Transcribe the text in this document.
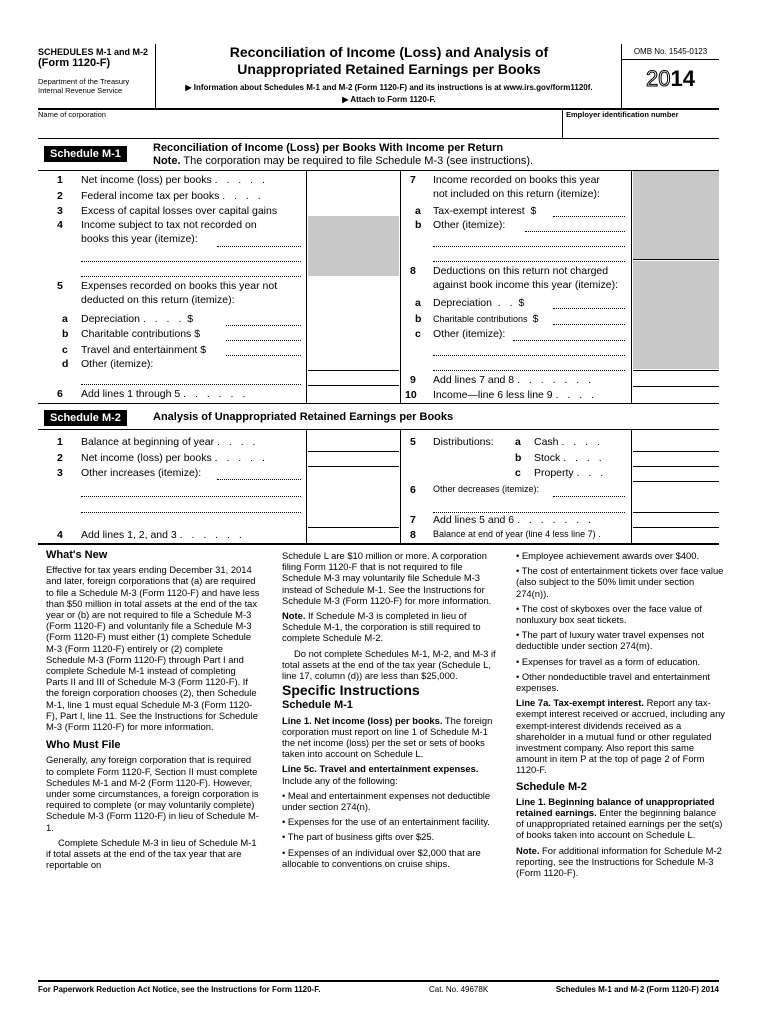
SCHEDULES M-1 and M-2
(Form 1120-F)
Department of the Treasury
Internal Revenue Service
Reconciliation of Income (Loss) and Analysis of
Unappropriated Retained Earnings per Books
▶ Information about Schedules M-1 and M-2 (Form 1120-F) and its instructions is at www.irs.gov/form1120f.
▶ Attach to Form 1120-F.
OMB No. 1545-0123
2014
Name of corporation	Employer identification number
Schedule M-1	Reconciliation of Income (Loss) per Books With Income per Return
Note. The corporation may be required to file Schedule M-3 (see instructions).
1 Net income (loss) per books . . . . .
2 Federal income tax per books . . . .
3 Excess of capital losses over capital gains
4 Income subject to tax not recorded on
books this year (itemize):
5 Expenses recorded on books this year not
deducted on this return (itemize):
a Depreciation . . . . $
b Charitable contributions $
c Travel and entertainment $
d Other (itemize):
6 Add lines 1 through 5 . . . . . .
7 Income recorded on books this year
not included on this return (itemize):
a Tax-exempt interest $
b Other (itemize):
8 Deductions on this return not charged
against book income this year (itemize):
a Depreciation . . $
b Charitable contributions $
c Other (itemize):
9 Add lines 7 and 8 . . . . . . .
10 Income—line 6 less line 9 . . . .
Schedule M-2	Analysis of Unappropriated Retained Earnings per Books
1 Balance at beginning of year . . . .
2 Net income (loss) per books . . . . .
3 Other increases (itemize):
4 Add lines 1, 2, and 3 . . . . . .
5 Distributions: a Cash . . . .
b Stock . . . .
c Property . . .
6 Other decreases (itemize):
7 Add lines 5 and 6 . . . . . . .
8 Balance at end of year (line 4 less line 7) .
What's New

Effective for tax years ending December 31, 2014 and later, foreign corporations that (a) are required to file a Schedule M-3 (Form 1120-F) and have less than $50 million in total assets at the end of the tax year or (b) are not required to file a Schedule M-3 (Form 1120-F) and voluntarily file a Schedule M-3 (Form 1120-F) must either (1) complete Schedule M-3 (Form 1120-F) entirely or (2) complete Schedule M-3 (Form 1120-F) through Part I and complete Schedule M-1 instead of completing Parts II and III of Schedule M-3 (Form 1120-F). If the foreign corporation chooses (2), then Schedule M-1, line 1 must equal Schedule M-3 (Form 1120-F), Part I, line 11. See the Instructions for Schedule M-3 (Form 1120-F) for more information.

Who Must File

Generally, any foreign corporation that is required to complete Form 1120-F, Section II must complete Schedules M-1 and M-2 (Form 1120-F). However, under some circumstances, a foreign corporation is required to complete (or may voluntarily complete) Schedule M-3 (Form 1120-F) in lieu of Schedule M-1.

Complete Schedule M-3 in lieu of Schedule M-1 if total assets at the end of the tax year that are reportable on

Schedule L are $10 million or more. A corporation filing Form 1120-F that is not required to file Schedule M-3 may voluntarily file Schedule M-3 instead of Schedule M-1. See the Instructions for Schedule M-3 (Form 1120-F) for more information.

Note. If Schedule M-3 is completed in lieu of Schedule M-1, the corporation is still required to complete Schedule M-2.

Do not complete Schedules M-1, M-2, and M-3 if total assets at the end of the tax year (Schedule L, line 17, column (d)) are less than $25,000.

Specific Instructions
Schedule M-1

Line 1. Net income (loss) per books. The foreign corporation must report on line 1 of Schedule M-1 the net income (loss) per the set or sets of books taken into account on Schedule L.

Line 5c. Travel and entertainment expenses. Include any of the following:

• Meal and entertainment expenses not deductible under section 274(n).

• Expenses for the use of an entertainment facility.

• The part of business gifts over $25.

• Expenses of an individual over $2,000 that are allocable to conventions on cruise ships.

• Employee achievement awards over $400.

• The cost of entertainment tickets over face value (also subject to the 50% limit under section 274(n)).

• The cost of skyboxes over the face value of nonluxury box seat tickets.

• The part of luxury water travel expenses not deductible under section 274(m).

• Expenses for travel as a form of education.

• Other nondeductible travel and entertainment expenses.

Line 7a. Tax-exempt interest. Report any tax-exempt interest received or accrued, including any exempt-interest dividends received as a shareholder in a mutual fund or other regulated investment company. Also report this same amount in item P at the top of page 2 of Form 1120-F.

Schedule M-2

Line 1. Beginning balance of unappropriated retained earnings. Enter the beginning balance of unappropriated retained earnings per the set(s) of books taken into account on Schedule L.

Note. For additional information for Schedule M-2 reporting, see the Instructions for Schedule M-3 (Form 1120-F).

For Paperwork Reduction Act Notice, see the Instructions for Form 1120-F.	Cat. No. 49678K	Schedules M-1 and M-2 (Form 1120-F) 2014
